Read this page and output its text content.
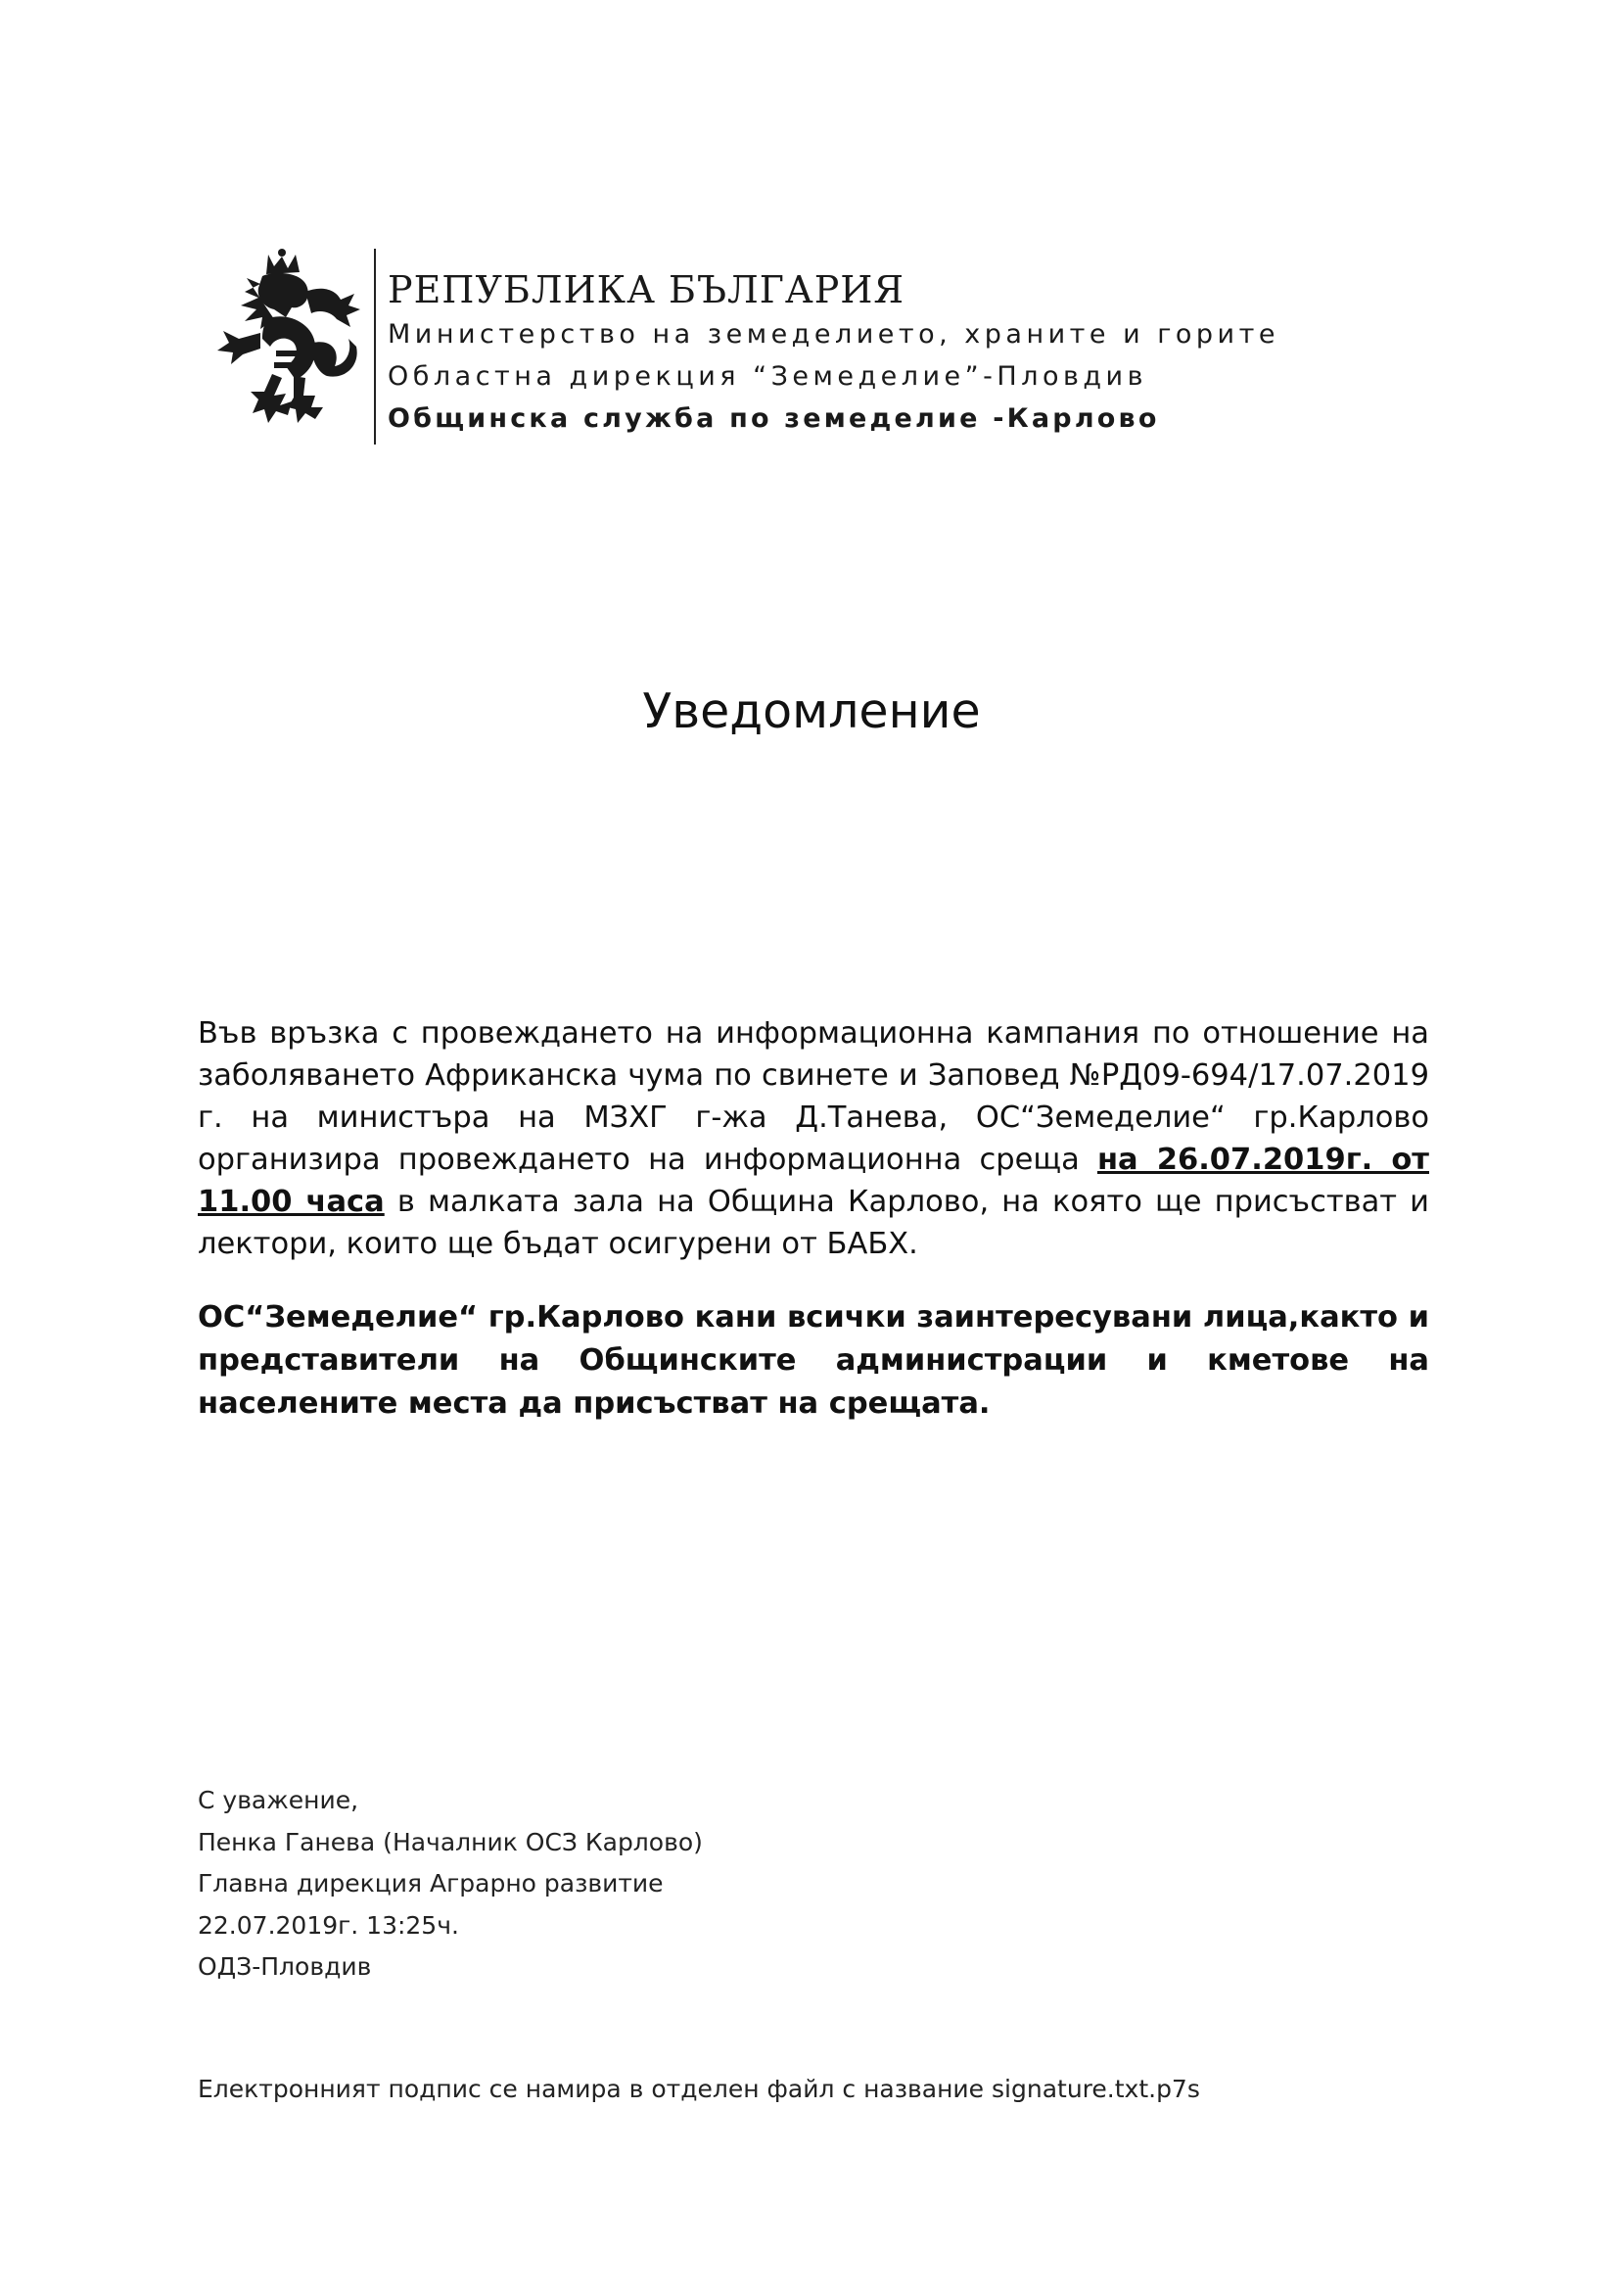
РЕПУБЛИКА БЪЛГАРИЯ
Министерство на земеделието, храните и горите
Областна дирекция “Земеделие”-Пловдив
Общинска служба по земеделие -Карлово
Уведомление
Във връзка с провеждането на информационна кампания по отношение на заболяването Африканска чума по свинете и Заповед №РД09-694/17.07.2019 г. на министъра на МЗХГ г-жа Д.Танева, ОС“Земеделие“ гр.Карлово организира провеждането на информационна среща на 26.07.2019г. от 11.00 часа в малката зала на Община Карлово, на която ще присъстват и лектори, които ще бъдат осигурени от БАБХ.
ОС“Земеделие“ гр.Карлово кани всички заинтересувани лица,както и представители на Общинските администрации и кметове на населените места да присъстват на срещата.
С уважение,
Пенка Ганева (Началник ОСЗ Карлово)
Главна дирекция Аграрно развитие
22.07.2019г. 13:25ч.
ОДЗ-Пловдив
Електронният подпис се намира в отделен файл с название signature.txt.p7s
